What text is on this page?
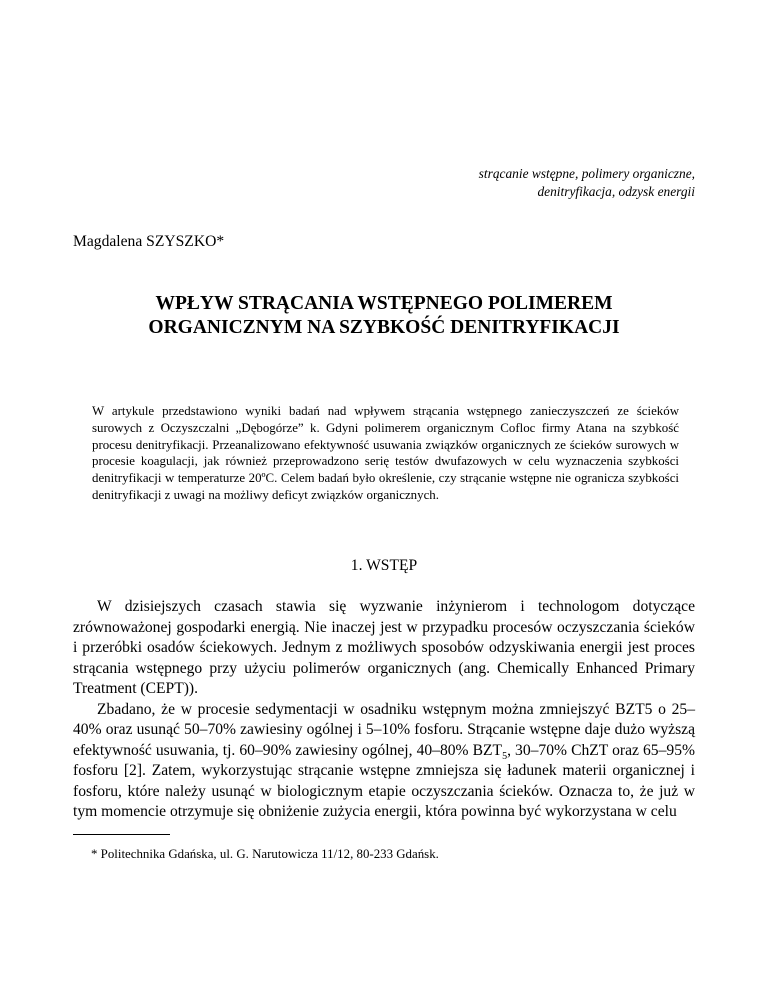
strącanie wstępne, polimery organiczne,
denitryfikacja, odzysk energii
Magdalena SZYSZKO*
WPŁYW STRĄCANIA WSTĘPNEGO POLIMEREM
ORGANICZNYM NA SZYBKOŚĆ DENITRYFIKACJI

W artykule przedstawiono wyniki badań nad wpływem strącania wstępnego zanieczyszczeń ze ścieków surowych z Oczyszczalni „Dębogórze” k. Gdyni polimerem organicznym Cofloc firmy Atana na szybkość procesu denitryfikacji. Przeanalizowano efektywność usuwania związków organicznych ze ścieków surowych w procesie koagulacji, jak również przeprowadzono serię testów dwufazowych w celu wyznaczenia szybkości denitryfikacji w temperaturze 20ºC. Celem badań było określenie, czy strącanie wstępne nie ogranicza szybkości denitryfikacji z uwagi na możliwy deficyt związków organicznych.

1. WSTĘP

W dzisiejszych czasach stawia się wyzwanie inżynierom i technologom dotyczące zrównoważonej gospodarki energią. Nie inaczej jest w przypadku procesów oczyszczania ścieków i przeróbki osadów ściekowych. Jednym z możliwych sposobów odzyskiwania energii jest proces strącania wstępnego przy użyciu polimerów organicznych (ang. Chemically Enhanced Primary Treatment (CEPT)).

Zbadano, że w procesie sedymentacji w osadniku wstępnym można zmniejszyć BZT5 o 25–40% oraz usunąć 50–70% zawiesiny ogólnej i 5–10% fosforu. Strącanie wstępne daje dużo wyższą efektywność usuwania, tj. 60–90% zawiesiny ogólnej, 40–80% $BZT_5$, 30–70% ChZT oraz 65–95% fosforu [2]. Zatem, wykorzystując strącanie wstępne zmniejsza się ładunek materii organicznej i fosforu, które należy usunąć w biologicznym etapie oczyszczania ścieków. Oznacza to, że już w tym momencie otrzymuje się obniżenie zużycia energii, która powinna być wykorzystana w celu

* Politechnika Gdańska, ul. G. Narutowicza 11/12, 80-233 Gdańsk.
